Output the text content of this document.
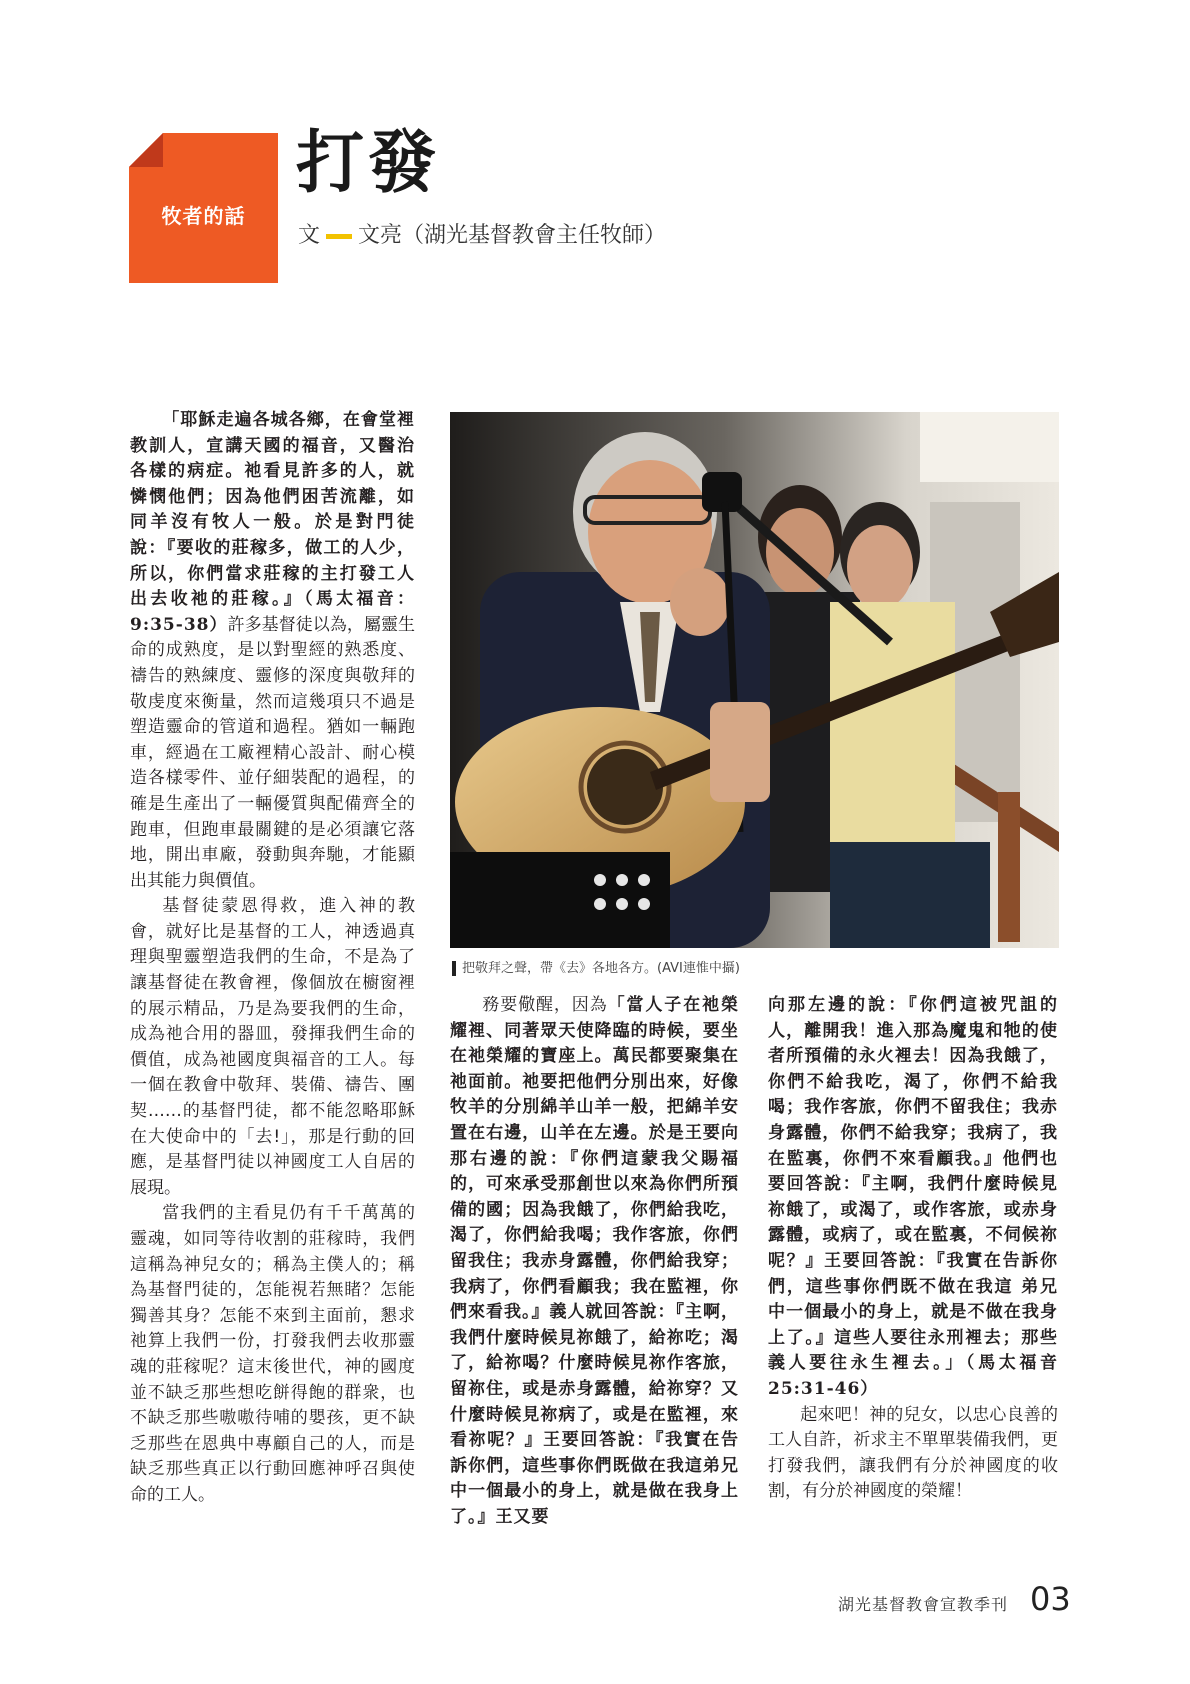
牧者的話
打發
文 文亮（湖光基督教會主任牧師）

「耶穌走遍各城各鄉，在會堂裡教訓人，宣講天國的福音，又醫治各樣的病症。祂看見許多的人，就憐憫他們；因為他們困苦流離，如同羊沒有牧人一般。於是對門徒說：『要收的莊稼多，做工的人少，所以，你們當求莊稼的主打發工人出去收祂的莊稼。』（馬太福音：9:35-38）許多基督徒以為，屬靈生命的成熟度，是以對聖經的熟悉度、禱告的熟練度、靈修的深度與敬拜的敬虔度來衡量，然而這幾項只不過是塑造靈命的管道和過程。猶如一輛跑車，經過在工廠裡精心設計、耐心模造各樣零件、並仔細裝配的過程，的確是生產出了一輛優質與配備齊全的跑車，但跑車最關鍵的是必須讓它落地，開出車廠，發動與奔馳，才能顯出其能力與價值。

基督徒蒙恩得救，進入神的教會，就好比是基督的工人，神透過真理與聖靈塑造我們的生命，不是為了讓基督徒在教會裡，像個放在櫥窗裡的展示精品，乃是為要我們的生命，成為祂合用的器皿，發揮我們生命的價值，成為祂國度與福音的工人。每一個在教會中敬拜、裝備、禱告、團契……的基督門徒，都不能忽略耶穌在大使命中的「去!」，那是行動的回應，是基督門徒以神國度工人自居的展現。

當我們的主看見仍有千千萬萬的靈魂，如同等待收割的莊稼時，我們這稱為神兒女的；稱為主僕人的；稱為基督門徒的，怎能視若無睹？怎能獨善其身？怎能不來到主面前，懇求祂算上我們一份，打發我們去收那靈魂的莊稼呢？這末後世代，神的國度並不缺乏那些想吃餅得飽的群衆，也不缺乏那些嗷嗷待哺的嬰孩，更不缺乏那些在恩典中專顧自己的人，而是缺乏那些真正以行動回應神呼召與使命的工人。

把敬拜之聲，帶《去》各地各方。(AVI連惟中攝)

務要儆醒，因為「當人子在祂榮耀裡、同著眾天使降臨的時候，要坐在祂榮耀的寶座上。萬民都要聚集在祂面前。祂要把他們分別出來，好像牧羊的分別綿羊山羊一般，把綿羊安置在右邊，山羊在左邊。於是王要向那右邊的說：『你們這蒙我父賜福的，可來承受那創世以來為你們所預備的國；因為我餓了，你們給我吃，渴了，你們給我喝；我作客旅，你們留我住；我赤身露體，你們給我穿；我病了，你們看顧我；我在監裡，你們來看我。』義人就回答說：『主啊，我們什麼時候見祢餓了，給祢吃；渴了，給祢喝？什麼時候見祢作客旅，留祢住，或是赤身露體，給祢穿？又什麼時候見祢病了，或是在監裡，來看祢呢？』王要回答說：『我實在告訴你們，這些事你們既做在我這弟兄中一個最小的身上，就是做在我身上了。』王又要

向那左邊的說：『你們這被咒詛的人，離開我！進入那為魔鬼和牠的使者所預備的永火裡去！因為我餓了，你們不給我吃，渴了，你們不給我喝；我作客旅，你們不留我住；我赤身露體，你們不給我穿；我病了，我在監裏，你們不來看顧我。』他們也要回答說：『主啊，我們什麼時候見祢餓了，或渴了，或作客旅，或赤身露體，或病了，或在監裏，不伺候祢呢？』王要回答說：『我實在告訴你們，這些事你們既不做在我這 弟兄中一個最小的身上，就是不做在我身上了。』這些人要往永刑裡去；那些義人要往永生裡去。」（馬太福音25:31-46）

起來吧！神的兒女，以忠心良善的工人自許，祈求主不單單裝備我們，更打發我們，讓我們有分於神國度的收割，有分於神國度的榮耀！

湖光基督教會宣教季刊 03
